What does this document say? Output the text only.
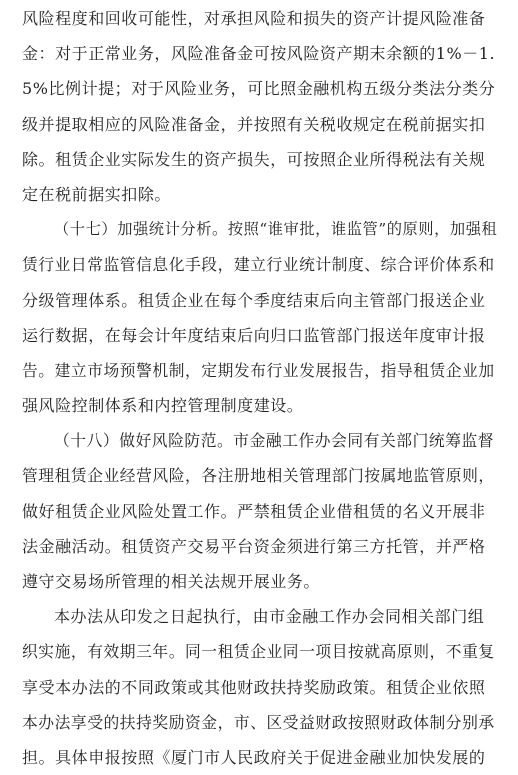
风险程度和回收可能性，对承担风险和损失的资产计提风险准备
金：对于正常业务，风险准备金可按风险资产期末余额的1%－1.
5%比例计提；对于风险业务，可比照金融机构五级分类法分类分
级并提取相应的风险准备金，并按照有关税收规定在税前据实扣
除。租赁企业实际发生的资产损失，可按照企业所得税法有关规
定在税前据实扣除。
（十七）加强统计分析。按照“谁审批，谁监管”的原则，加强租
赁行业日常监管信息化手段，建立行业统计制度、综合评价体系和
分级管理体系。租赁企业在每个季度结束后向主管部门报送企业
运行数据，在每会计年度结束后向归口监管部门报送年度审计报
告。建立市场预警机制，定期发布行业发展报告，指导租赁企业加
强风险控制体系和内控管理制度建设。
（十八）做好风险防范。市金融工作办会同有关部门统筹监督
管理租赁企业经营风险，各注册地相关管理部门按属地监管原则，
做好租赁企业风险处置工作。严禁租赁企业借租赁的名义开展非
法金融活动。租赁资产交易平台资金须进行第三方托管，并严格
遵守交易场所管理的相关法规开展业务。
本办法从印发之日起执行，由市金融工作办会同相关部门组
织实施，有效期三年。同一租赁企业同一项目按就高原则，不重复
享受本办法的不同政策或其他财政扶持奖励政策。租赁企业依照
本办法享受的扶持奖励资金，市、区受益财政按照财政体制分别承
担。具体申报按照《厦门市人民政府关于促进金融业加快发展的
